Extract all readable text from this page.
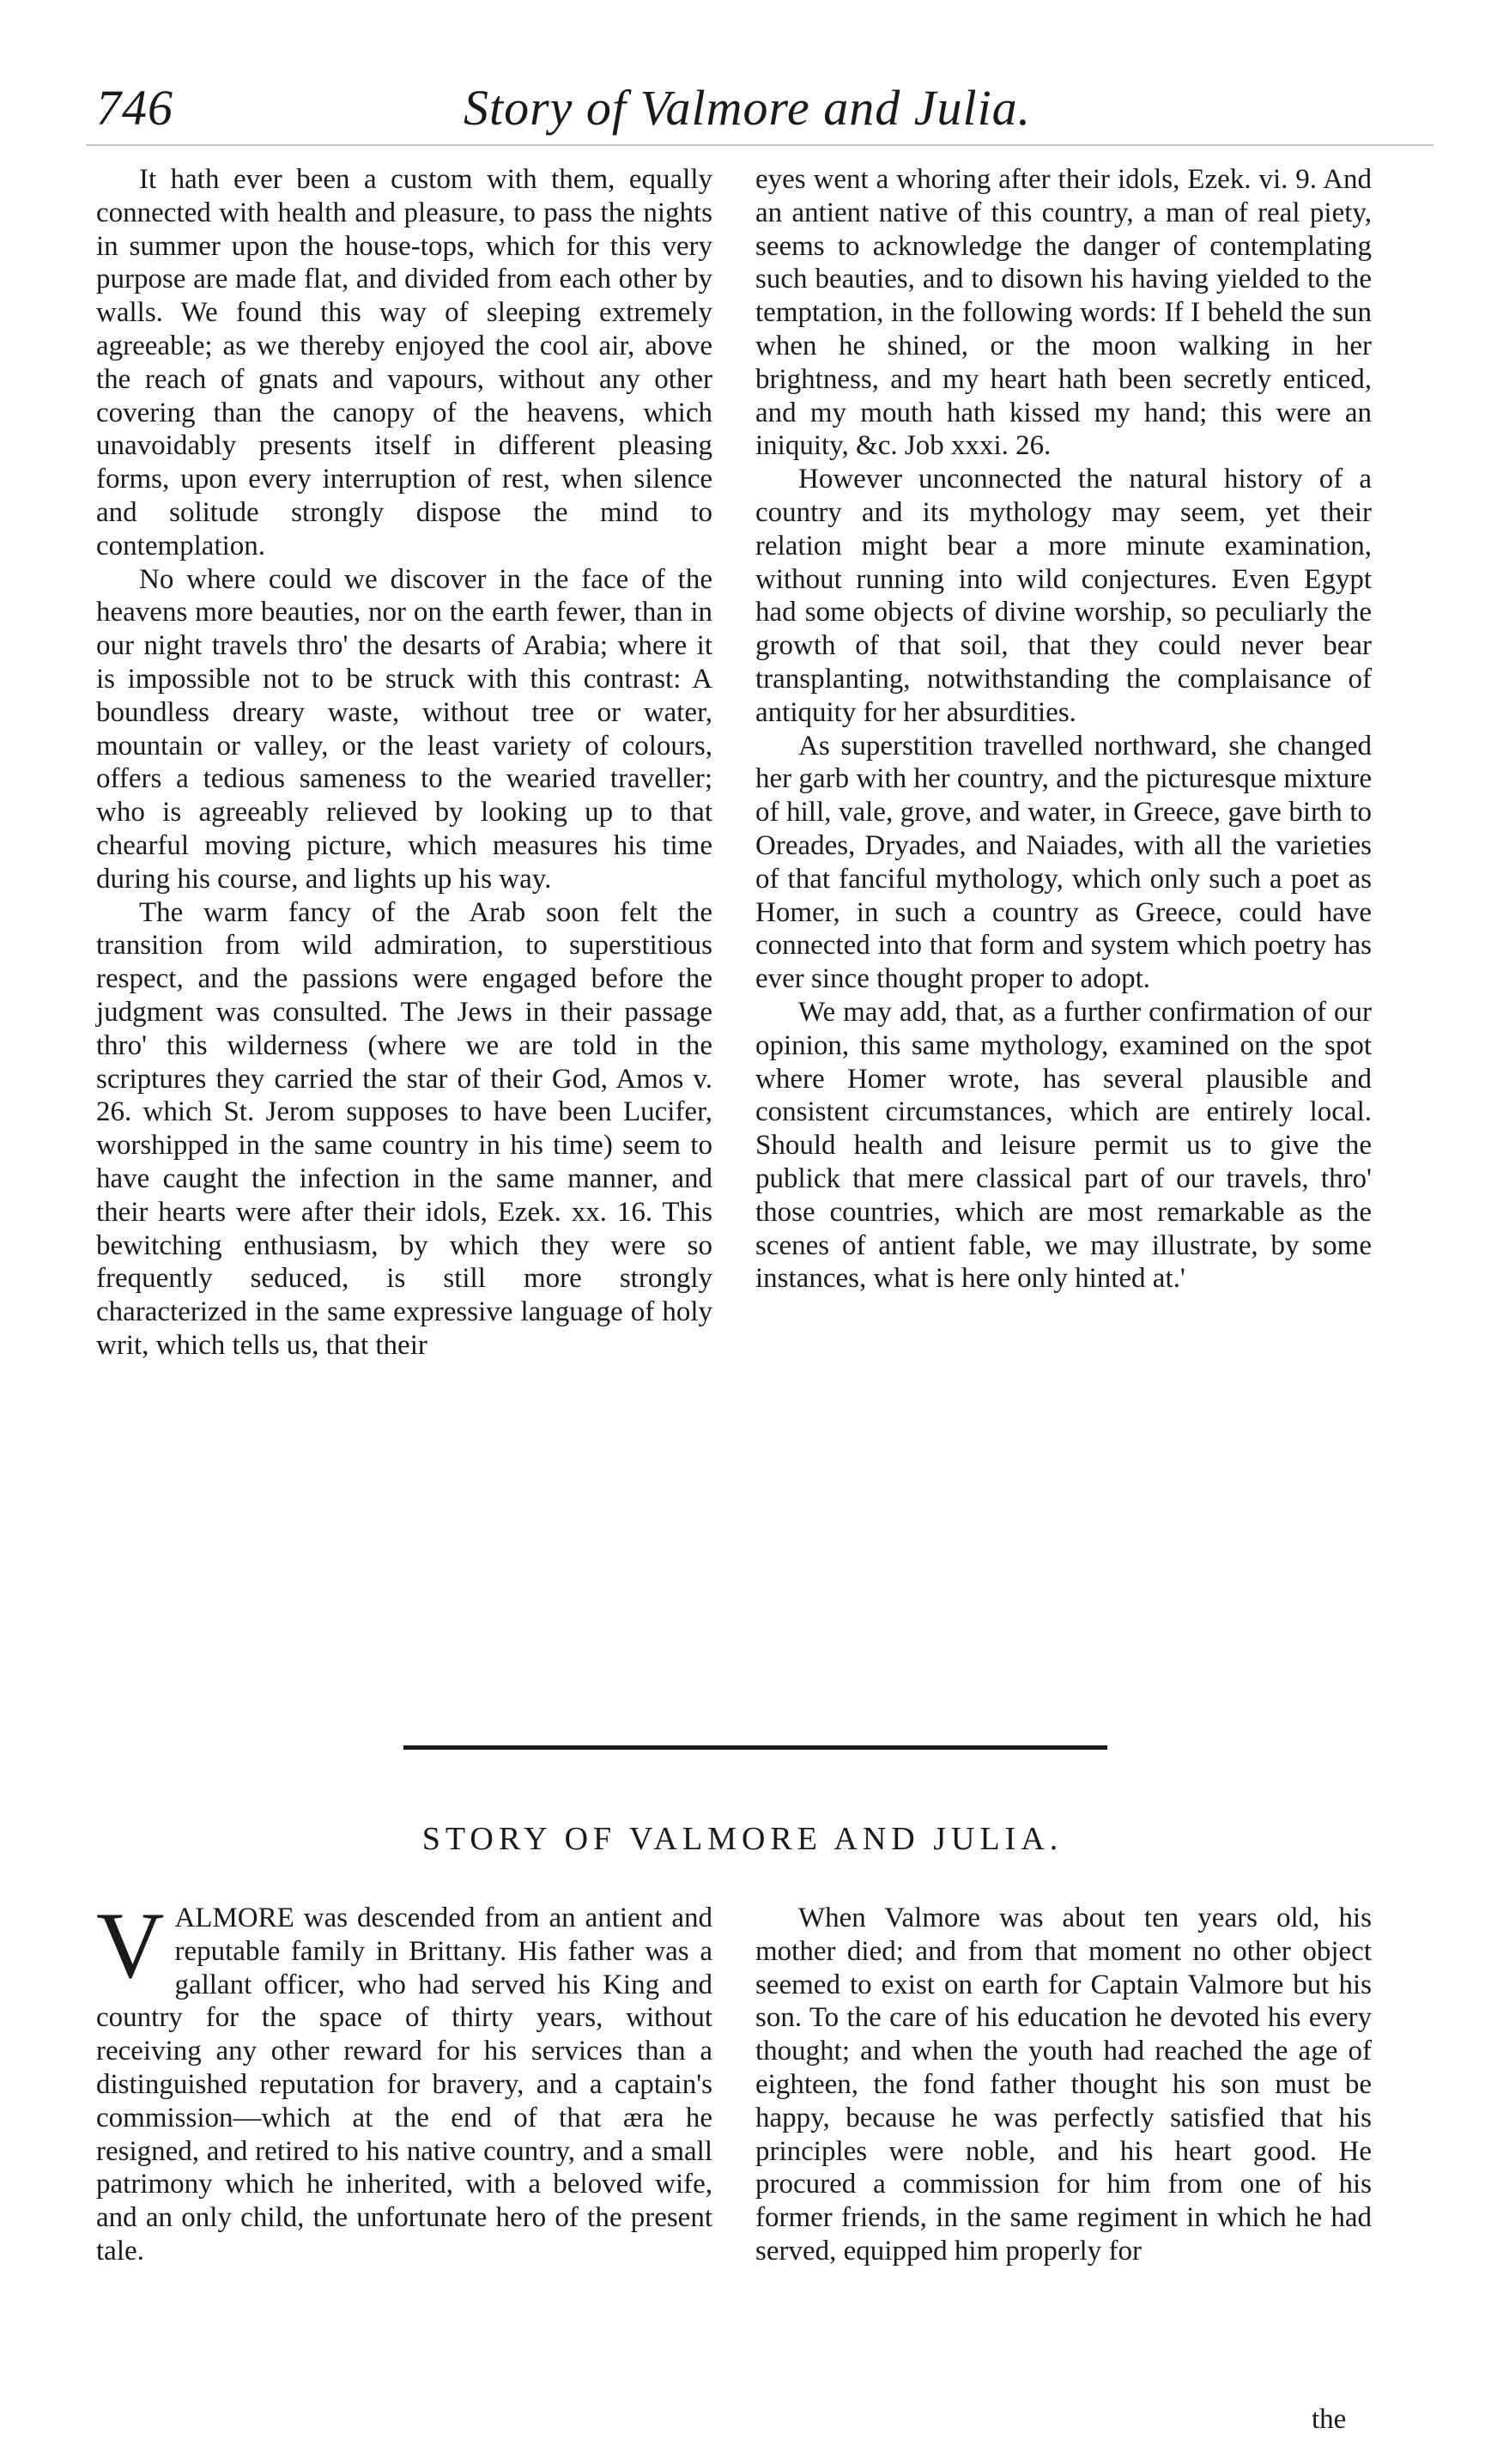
746	Story of Valmore and Julia.

It hath ever been a custom with them, equally connected with health and pleasure, to pass the nights in summer upon the house-tops, which for this very purpose are made flat, and divided from each other by walls. We found this way of sleeping extremely agreeable; as we thereby enjoyed the cool air, above the reach of gnats and vapours, without any other covering than the canopy of the heavens, which unavoidably presents itself in different pleasing forms, upon every interruption of rest, when silence and solitude strongly dispose the mind to contemplation.

No where could we discover in the face of the heavens more beauties, nor on the earth fewer, than in our night travels thro' the desarts of Arabia; where it is impossible not to be struck with this contrast: A boundless dreary waste, without tree or water, mountain or valley, or the least variety of colours, offers a tedious sameness to the wearied traveller; who is agreeably relieved by looking up to that chearful moving picture, which measures his time during his course, and lights up his way.

The warm fancy of the Arab soon felt the transition from wild admiration, to superstitious respect, and the passions were engaged before the judgment was consulted. The Jews in their passage thro' this wilderness (where we are told in the scriptures they carried the star of their God, Amos v. 26. which St. Jerom supposes to have been Lucifer, worshipped in the same country in his time) seem to have caught the infection in the same manner, and their hearts were after their idols, Ezek. xx. 16. This bewitching enthusiasm, by which they were so frequently seduced, is still more strongly characterized in the same expressive language of holy writ, which tells us, that their

eyes went a whoring after their idols, Ezek. vi. 9. And an antient native of this country, a man of real piety, seems to acknowledge the danger of contemplating such beauties, and to disown his having yielded to the temptation, in the following words: If I beheld the sun when he shined, or the moon walking in her brightness, and my heart hath been secretly enticed, and my mouth hath kissed my hand; this were an iniquity, &c. Job xxxi. 26.

However unconnected the natural history of a country and its mythology may seem, yet their relation might bear a more minute examination, without running into wild conjectures. Even Egypt had some objects of divine worship, so peculiarly the growth of that soil, that they could never bear transplanting, notwithstanding the complaisance of antiquity for her absurdities.

As superstition travelled northward, she changed her garb with her country, and the picturesque mixture of hill, vale, grove, and water, in Greece, gave birth to Oreades, Dryades, and Naiades, with all the varieties of that fanciful mythology, which only such a poet as Homer, in such a country as Greece, could have connected into that form and system which poetry has ever since thought proper to adopt.

We may add, that, as a further confirmation of our opinion, this same mythology, examined on the spot where Homer wrote, has several plausible and consistent circumstances, which are entirely local. Should health and leisure permit us to give the publick that mere classical part of our travels, thro' those countries, which are most remarkable as the scenes of antient fable, we may illustrate, by some instances, what is here only hinted at.'

STORY OF VALMORE AND JULIA.

VALMORE was descended from an antient and reputable family in Brittany. His father was a gallant officer, who had served his King and country for the space of thirty years, without receiving any other reward for his services than a distinguished reputation for bravery, and a captain's commission—which at the end of that æra he resigned, and retired to his native country, and a small patrimony which he inherited, with a beloved wife, and an only child, the unfortunate hero of the present tale.

When Valmore was about ten years old, his mother died; and from that moment no other object seemed to exist on earth for Captain Valmore but his son. To the care of his education he devoted his every thought; and when the youth had reached the age of eighteen, the fond father thought his son must be happy, because he was perfectly satisfied that his principles were noble, and his heart good. He procured a commission for him from one of his former friends, in the same regiment in which he had served, equipped him properly for

the
